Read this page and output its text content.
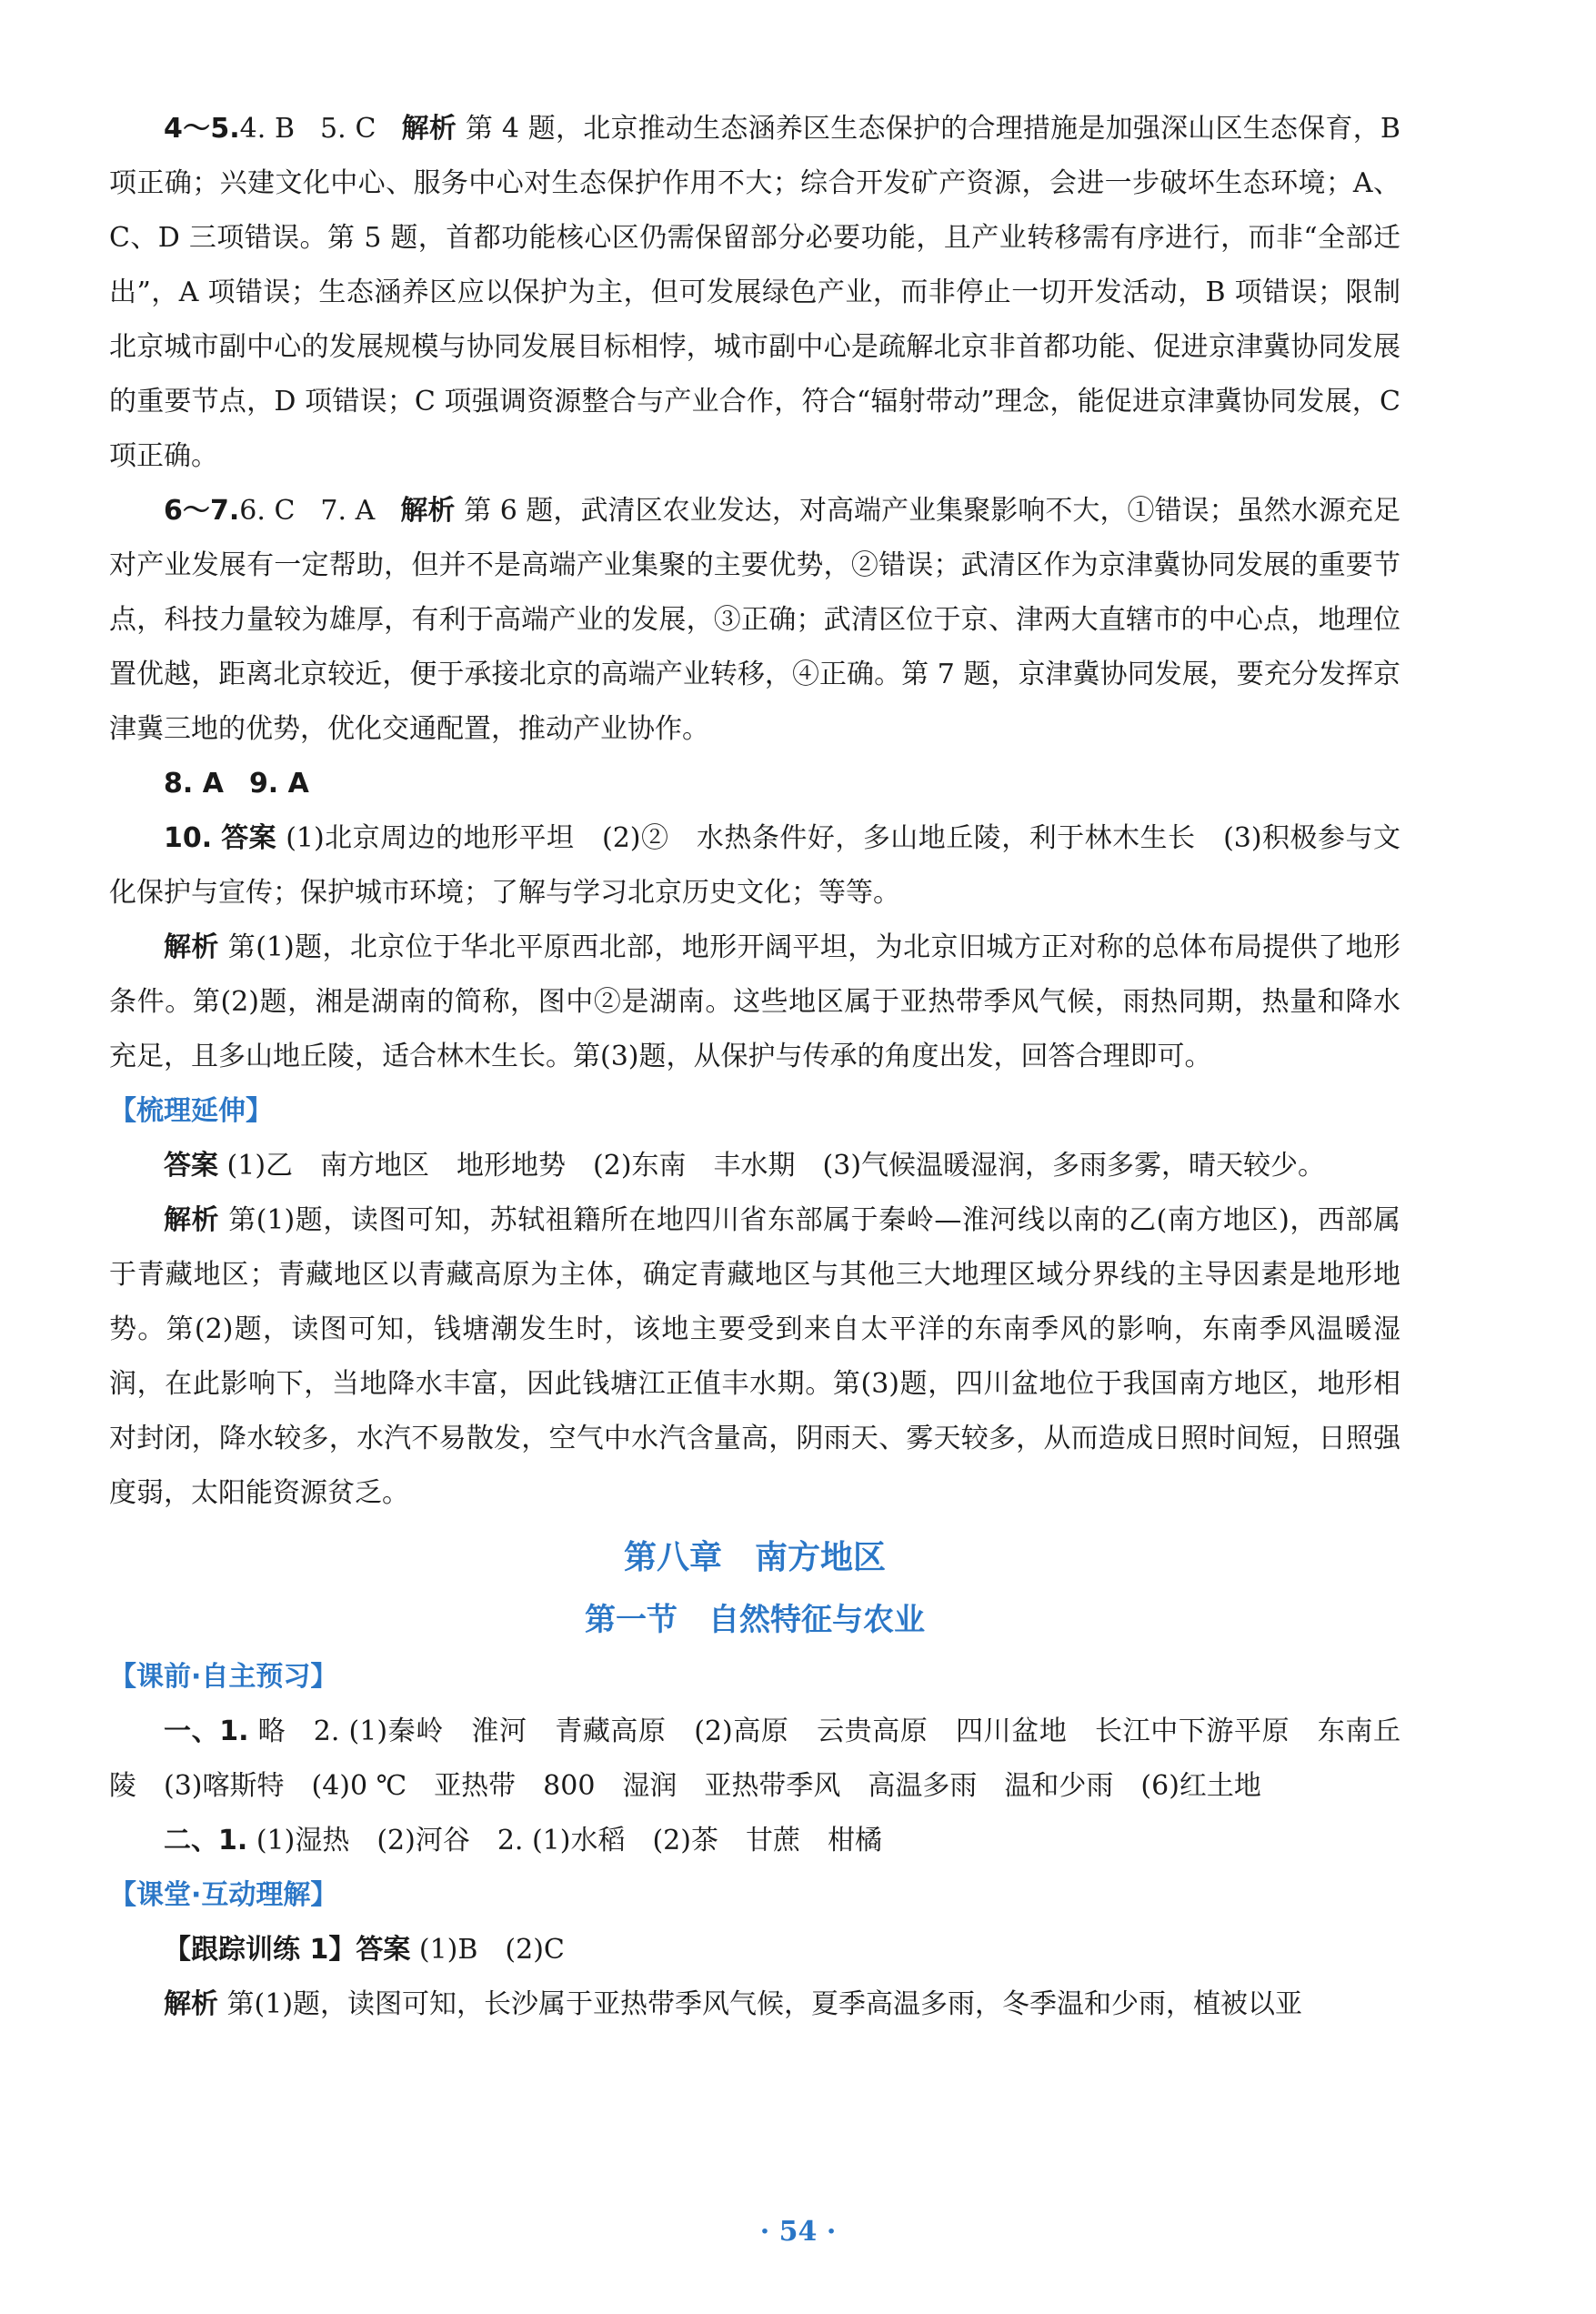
4～5.4. B 5. C 解析 第 4 题，北京推动生态涵养区生态保护的合理措施是加强深山区生态保育，B 项正确；兴建文化中心、服务中心对生态保护作用不大；综合开发矿产资源，会进一步破坏生态环境；A、C、D 三项错误。第 5 题，首都功能核心区仍需保留部分必要功能，且产业转移需有序进行，而非“全部迁出”，A 项错误；生态涵养区应以保护为主，但可发展绿色产业，而非停止一切开发活动，B 项错误；限制北京城市副中心的发展规模与协同发展目标相悖，城市副中心是疏解北京非首都功能、促进京津冀协同发展的重要节点，D 项错误；C 项强调资源整合与产业合作，符合“辐射带动”理念，能促进京津冀协同发展，C 项正确。

6～7.6. C 7. A 解析 第 6 题，武清区农业发达，对高端产业集聚影响不大，①错误；虽然水源充足对产业发展有一定帮助，但并不是高端产业集聚的主要优势，②错误；武清区作为京津冀协同发展的重要节点，科技力量较为雄厚，有利于高端产业的发展，③正确；武清区位于京、津两大直辖市的中心点，地理位置优越，距离北京较近，便于承接北京的高端产业转移，④正确。第 7 题，京津冀协同发展，要充分发挥京津冀三地的优势，优化交通配置，推动产业协作。

8. A 9. A

10. 答案 (1)北京周边的地形平坦　(2)②　水热条件好，多山地丘陵，利于林木生长　(3)积极参与文化保护与宣传；保护城市环境；了解与学习北京历史文化；等等。

解析 第(1)题，北京位于华北平原西北部，地形开阔平坦，为北京旧城方正对称的总体布局提供了地形条件。第(2)题，湘是湖南的简称，图中②是湖南。这些地区属于亚热带季风气候，雨热同期，热量和降水充足，且多山地丘陵，适合林木生长。第(3)题，从保护与传承的角度出发，回答合理即可。

【梳理延伸】

答案 (1)乙　南方地区　地形地势　(2)东南　丰水期　(3)气候温暖湿润，多雨多雾，晴天较少。

解析 第(1)题，读图可知，苏轼祖籍所在地四川省东部属于秦岭—淮河线以南的乙(南方地区)，西部属于青藏地区；青藏地区以青藏高原为主体，确定青藏地区与其他三大地理区域分界线的主导因素是地形地势。第(2)题，读图可知，钱塘潮发生时，该地主要受到来自太平洋的东南季风的影响，东南季风温暖湿润，在此影响下，当地降水丰富，因此钱塘江正值丰水期。第(3)题，四川盆地位于我国南方地区，地形相对封闭，降水较多，水汽不易散发，空气中水汽含量高，阴雨天、雾天较多，从而造成日照时间短，日照强度弱，太阳能资源贫乏。

第八章　南方地区
第一节　自然特征与农业
【课前·自主预习】

一、1. 略　2. (1)秦岭　淮河　青藏高原　(2)高原　云贵高原　四川盆地　长江中下游平原　东南丘陵　(3)喀斯特　(4)0 ℃　亚热带　800　湿润　亚热带季风　高温多雨　温和少雨　(6)红土地

二、1. (1)湿热　(2)河谷　2. (1)水稻　(2)茶　甘蔗　柑橘

【课堂·互动理解】

【跟踪训练 1】答案 (1)B　(2)C

解析 第(1)题，读图可知，长沙属于亚热带季风气候，夏季高温多雨，冬季温和少雨，植被以亚

· 54 ·
